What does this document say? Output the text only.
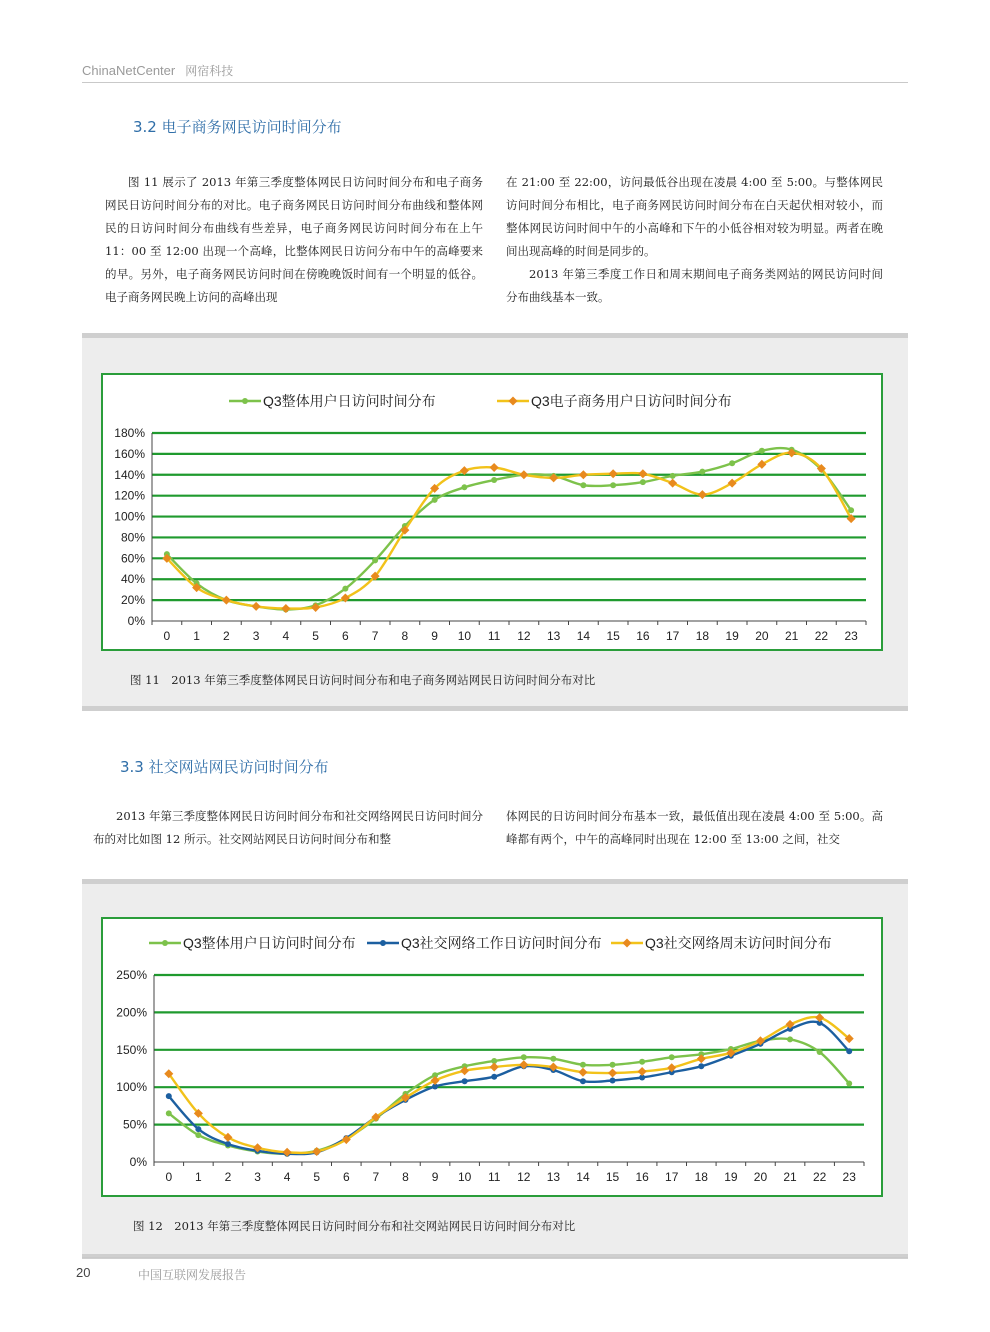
ChinaNetCenter 网宿科技
3.2 电子商务网民访问时间分布

图 11 展示了 2013 年第三季度整体网民日访问时间分布和电子商务网民日访问时间分布的对比。电子商务网民日访问时间分布曲线和整体网民的日访问时间分布曲线有些差异，电子商务网民访问时间分布在上午 11：00 至 12:00 出现一个高峰，比整体网民日访问分布中午的高峰要来的早。另外，电子商务网民访问时间在傍晚晚饭时间有一个明显的低谷。电子商务网民晚上访问的高峰出现

在 21:00 至 22:00，访问最低谷出现在凌晨 4:00 至 5:00。与整体网民访问时间分布相比，电子商务网民访问时间分布在白天起伏相对较小，而整体网民访问时间中午的小高峰和下午的小低谷相对较为明显。两者在晚间出现高峰的时间是同步的。

2013 年第三季度工作日和周末期间电子商务类网站的网民访问时间分布曲线基本一致。

0%
20%
40%
60%
80%
100%
120%
140%
160%
180%
0 1 2 3 4 5 6 7 8 9 10 11 12 13 14 15 16 17 18 19 20 21 22 23
Q3整体用户日访问时间分布	Q3电子商务用户日访问时间分布
图 11　2013 年第三季度整体网民日访问时间分布和电子商务网站网民日访问时间分布对比
3.3 社交网站网民访问时间分布

2013 年第三季度整体网民日访问时间分布和社交网络网民日访问时间分布的对比如图 12 所示。社交网站网民日访问时间分布和整

体网民的日访问时间分布基本一致，最低值出现在凌晨 4:00 至 5:00。高峰都有两个，中午的高峰同时出现在 12:00 至 13:00 之间，社交

0%
50%
100%
150%
200%
250%
0 1 2 3 4 5 6 7 8 9 10 11 12 13 14 15 16 17 18 19 20 21 22 23
Q3整体用户日访问时间分布	Q3社交网络工作日访问时间分布	Q3社交网络周末访问时间分布
图 12　2013 年第三季度整体网民日访问时间分布和社交网站网民日访问时间分布对比
20	中国互联网发展报告
